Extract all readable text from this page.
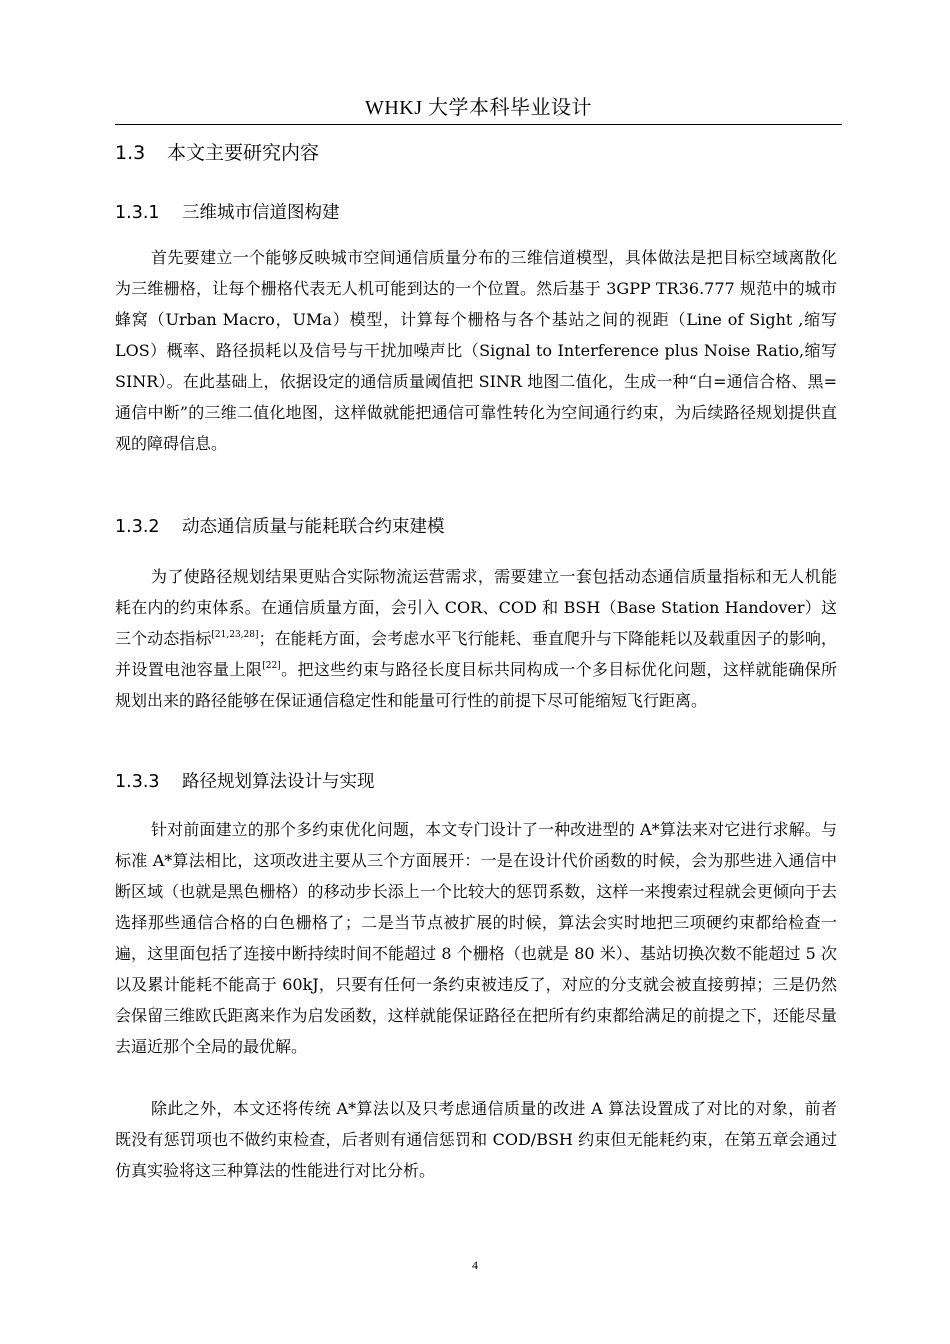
WHKJ 大学本科毕业设计
1.3	本文主要研究内容
1.3.1	三维城市信道图构建

首先要建立一个能够反映城市空间通信质量分布的三维信道模型，具体做法是把目标空域离散化为三维栅格，让每个栅格代表无人机可能到达的一个位置。然后基于 3GPP TR36.777 规范中的城市蜂窝（Urban Macro，UMa）模型，计算每个栅格与各个基站之间的视距（Line of Sight ,缩写 LOS）概率、路径损耗以及信号与干扰加噪声比（Signal to Interference plus Noise Ratio,缩写 SINR）。在此基础上，依据设定的通信质量阈值把 SINR 地图二值化，生成一种“白=通信合格、黑=通信中断”的三维二值化地图，这样做就能把通信可靠性转化为空间通行约束，为后续路径规划提供直观的障碍信息。

1.3.2	动态通信质量与能耗联合约束建模

为了使路径规划结果更贴合实际物流运营需求，需要建立一套包括动态通信质量指标和无人机能耗在内的约束体系。在通信质量方面，会引入 COR、COD 和 BSH（Base Station Handover）这三个动态指标[21,23,28]；在能耗方面，会考虑水平飞行能耗、垂直爬升与下降能耗以及载重因子的影响，并设置电池容量上限[22]。把这些约束与路径长度目标共同构成一个多目标优化问题，这样就能确保所规划出来的路径能够在保证通信稳定性和能量可行性的前提下尽可能缩短飞行距离。

1.3.3	路径规划算法设计与实现

针对前面建立的那个多约束优化问题，本文专门设计了一种改进型的 A*算法来对它进行求解。与标准 A*算法相比，这项改进主要从三个方面展开：一是在设计代价函数的时候，会为那些进入通信中断区域（也就是黑色栅格）的移动步长添上一个比较大的惩罚系数，这样一来搜索过程就会更倾向于去选择那些通信合格的白色栅格了；二是当节点被扩展的时候，算法会实时地把三项硬约束都给检查一遍，这里面包括了连接中断持续时间不能超过 8 个栅格（也就是 80 米）、基站切换次数不能超过 5 次以及累计能耗不能高于 60kJ，只要有任何一条约束被违反了，对应的分支就会被直接剪掉；三是仍然会保留三维欧氏距离来作为启发函数，这样就能保证路径在把所有约束都给满足的前提之下，还能尽量去逼近那个全局的最优解。

除此之外，本文还将传统 A*算法以及只考虑通信质量的改进 A 算法设置成了对比的对象，前者既没有惩罚项也不做约束检查，后者则有通信惩罚和 COD/BSH 约束但无能耗约束，在第五章会通过仿真实验将这三种算法的性能进行对比分析。

4
